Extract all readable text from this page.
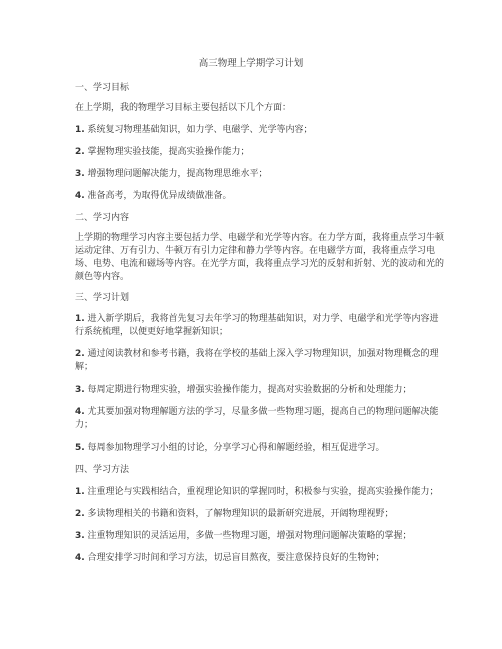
高三物理上学期学习计划

一、学习目标

在上学期，我的物理学习目标主要包括以下几个方面：

1. 系统复习物理基础知识，如力学、电磁学、光学等内容；

2. 掌握物理实验技能，提高实验操作能力；

3. 增强物理问题解决能力，提高物理思维水平；

4. 准备高考，为取得优异成绩做准备。

二、学习内容

上学期的物理学习内容主要包括力学、电磁学和光学等内容。在力学方面，我将重点学习牛顿运动定律、万有引力、牛顿万有引力定律和静力学等内容。在电磁学方面，我将重点学习电场、电势、电流和磁场等内容。在光学方面，我将重点学习光的反射和折射、光的波动和光的颜色等内容。

三、学习计划

1. 进入新学期后，我将首先复习去年学习的物理基础知识，对力学、电磁学和光学等内容进行系统梳理，以便更好地掌握新知识；

2. 通过阅读教材和参考书籍，我将在学校的基础上深入学习物理知识，加强对物理概念的理解；

3. 每周定期进行物理实验，增强实验操作能力，提高对实验数据的分析和处理能力；

4. 尤其要加强对物理解题方法的学习，尽量多做一些物理习题，提高自己的物理问题解决能力；

5. 每周参加物理学习小组的讨论，分享学习心得和解题经验，相互促进学习。

四、学习方法

1. 注重理论与实践相结合，重视理论知识的掌握同时，积极参与实验，提高实验操作能力；

2. 多读物理相关的书籍和资料，了解物理知识的最新研究进展，开阔物理视野；

3. 注重物理知识的灵活运用，多做一些物理习题，增强对物理问题解决策略的掌握；

4. 合理安排学习时间和学习方法，切忌盲目熬夜，要注意保持良好的生物钟；
